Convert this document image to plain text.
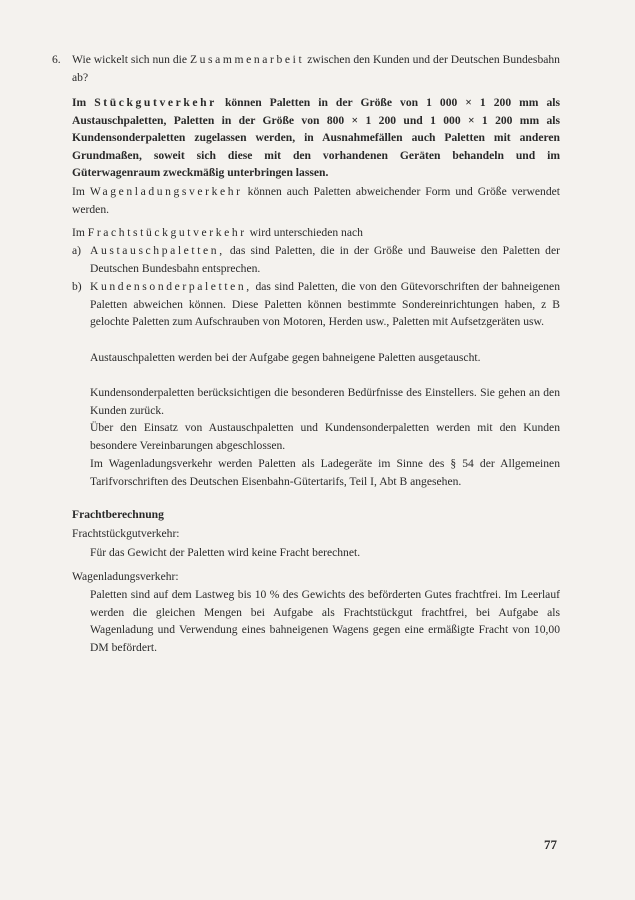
6. Wie wickelt sich nun die Zusammenarbeit zwischen den Kunden und der Deutschen Bundesbahn ab?

Im Stückgutverkehr können Paletten in der Größe von 1 000 × 1 200 mm als Austauschpaletten, Paletten in der Größe von 800 × 1 200 und 1 000 × 1 200 mm als Kundensonderpaletten zugelassen werden, in Ausnahmefällen auch Paletten mit anderen Grundmaßen, soweit sich diese mit den vorhandenen Geräten behandeln und im Güterwagenraum zweckmäßig unterbringen lassen.

Im Wagenladungsverkehr können auch Paletten abweichender Form und Größe verwendet werden.

Im Frachtstückgutverkehr wird unterschieden nach

a) Austauschpaletten, das sind Paletten, die in der Größe und Bauweise den Paletten der Deutschen Bundesbahn entsprechen.

b) Kundensonderpaletten, das sind Paletten, die von den Gütevorschriften der bahneigenen Paletten abweichen können. Diese Paletten können bestimmte Sondereinrichtungen haben, z B gelochte Paletten zum Aufschrauben von Motoren, Herden usw., Paletten mit Aufsetzgeräten usw.

Austauschpaletten werden bei der Aufgabe gegen bahneigene Paletten ausgetauscht.

Kundensonderpaletten berücksichtigen die besonderen Bedürfnisse des Einstellers. Sie gehen an den Kunden zurück.

Über den Einsatz von Austauschpaletten und Kundensonderpaletten werden mit den Kunden besondere Vereinbarungen abgeschlossen.

Im Wagenladungsverkehr werden Paletten als Ladegeräte im Sinne des § 54 der Allgemeinen Tarifvorschriften des Deutschen Eisenbahn-Gütertarifs, Teil I, Abt B angesehen.

Frachtberechnung

Frachtstückgutverkehr:

Für das Gewicht der Paletten wird keine Fracht berechnet.

Wagenladungsverkehr:

Paletten sind auf dem Lastweg bis 10 % des Gewichts des beförderten Gutes frachtfrei. Im Leerlauf werden die gleichen Mengen bei Aufgabe als Frachtstückgut frachtfrei, bei Aufgabe als Wagenladung und Verwendung eines bahneigenen Wagens gegen eine ermäßigte Fracht von 10,00 DM befördert.

77
